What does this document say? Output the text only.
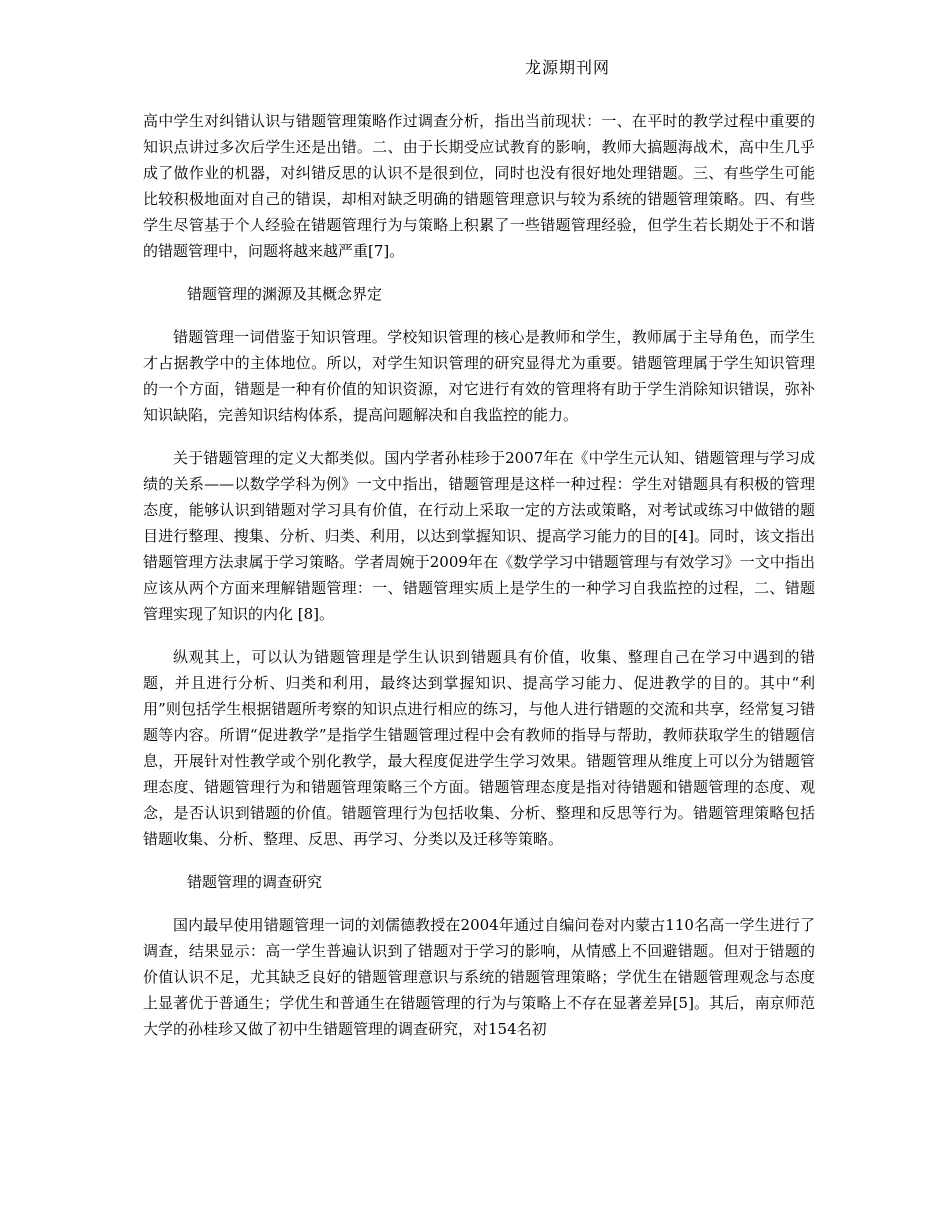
龙源期刊网

高中学生对纠错认识与错题管理策略作过调查分析，指出当前现状：一、在平时的教学过程中重要的知识点讲过多次后学生还是出错。二、由于长期受应试教育的影响，教师大搞题海战术，高中生几乎成了做作业的机器，对纠错反思的认识不是很到位，同时也没有很好地处理错题。三、有些学生可能比较积极地面对自己的错误，却相对缺乏明确的错题管理意识与较为系统的错题管理策略。四、有些学生尽管基于个人经验在错题管理行为与策略上积累了一些错题管理经验，但学生若长期处于不和谐的错题管理中，问题将越来越严重[7]。

错题管理的渊源及其概念界定

错题管理一词借鉴于知识管理。学校知识管理的核心是教师和学生，教师属于主导角色，而学生才占据教学中的主体地位。所以，对学生知识管理的研究显得尤为重要。错题管理属于学生知识管理的一个方面，错题是一种有价值的知识资源，对它进行有效的管理将有助于学生消除知识错误，弥补知识缺陷，完善知识结构体系，提高问题解决和自我监控的能力。

关于错题管理的定义大都类似。国内学者孙桂珍于2007年在《中学生元认知、错题管理与学习成绩的关系——以数学学科为例》一文中指出，错题管理是这样一种过程：学生对错题具有积极的管理态度，能够认识到错题对学习具有价值，在行动上采取一定的方法或策略，对考试或练习中做错的题目进行整理、搜集、分析、归类、利用，以达到掌握知识、提高学习能力的目的[4]。同时，该文指出错题管理方法隶属于学习策略。学者周婉于2009年在《数学学习中错题管理与有效学习》一文中指出应该从两个方面来理解错题管理：一、错题管理实质上是学生的一种学习自我监控的过程，二、错题管理实现了知识的内化 [8]。

纵观其上，可以认为错题管理是学生认识到错题具有价值，收集、整理自己在学习中遇到的错题，并且进行分析、归类和利用，最终达到掌握知识、提高学习能力、促进教学的目的。其中“利用”则包括学生根据错题所考察的知识点进行相应的练习，与他人进行错题的交流和共享，经常复习错题等内容。所谓“促进教学”是指学生错题管理过程中会有教师的指导与帮助，教师获取学生的错题信息，开展针对性教学或个别化教学，最大程度促进学生学习效果。错题管理从维度上可以分为错题管理态度、错题管理行为和错题管理策略三个方面。错题管理态度是指对待错题和错题管理的态度、观念，是否认识到错题的价值。错题管理行为包括收集、分析、整理和反思等行为。错题管理策略包括错题收集、分析、整理、反思、再学习、分类以及迁移等策略。

错题管理的调查研究

国内最早使用错题管理一词的刘儒德教授在2004年通过自编问卷对内蒙古110名高一学生进行了调查，结果显示：高一学生普遍认识到了错题对于学习的影响，从情感上不回避错题。但对于错题的价值认识不足，尤其缺乏良好的错题管理意识与系统的错题管理策略；学优生在错题管理观念与态度上显著优于普通生；学优生和普通生在错题管理的行为与策略上不存在显著差异[5]。其后，南京师范大学的孙桂珍又做了初中生错题管理的调查研究，对154名初
